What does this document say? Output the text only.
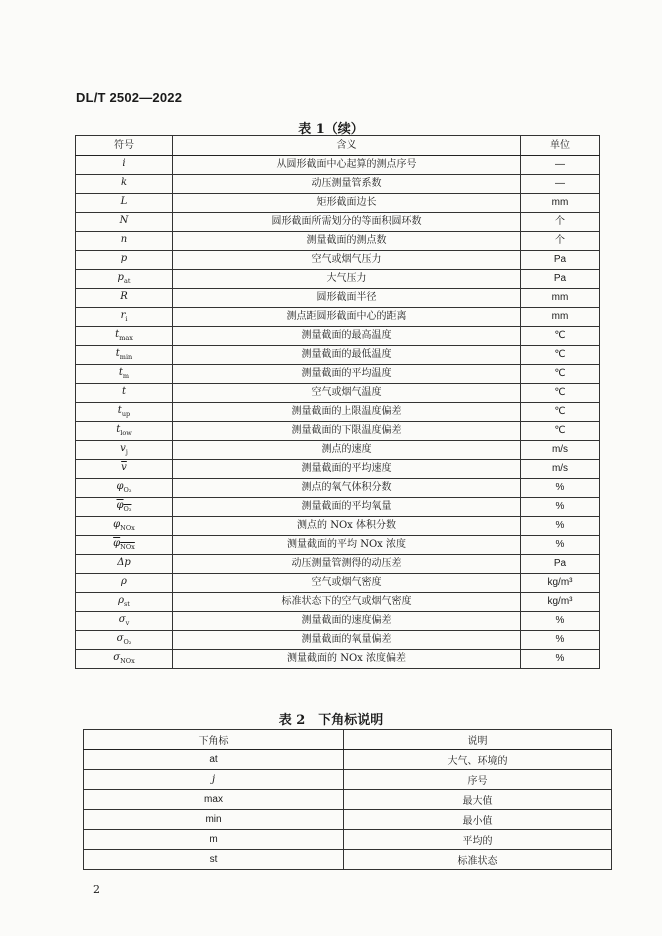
DL/T 2502—2022
表 1（续）
符号	含义	单位
i	从圆形截面中心起算的测点序号	—
k	动压测量管系数	—
L	矩形截面边长	mm
N	圆形截面所需划分的等面积圆环数	个
n	测量截面的测点数	个
p	空气或烟气压力	Pa
$p_{at}$	大气压力	Pa
R	圆形截面半径	mm
$r_i$	测点距圆形截面中心的距离	mm
$t_{max}$	测量截面的最高温度	℃
$t_{min}$	测量截面的最低温度	℃
$t_m$	测量截面的平均温度	℃
t	空气或烟气温度	℃
$t_{up}$	测量截面的上限温度偏差	℃
$t_{low}$	测量截面的下限温度偏差	℃
$v_j$	测点的速度	m/s
v	测量截面的平均速度	m/s
$\varphi_{O_2}$	测点的氧气体积分数	%
$\varphi_{O_2}$	测量截面的平均氧量	%
$\varphi_{NOx}$	测点的 NOx 体积分数	%
$\varphi_{NOx}$	测量截面的平均 NOx 浓度	%
Δp	动压测量管测得的动压差	Pa
ρ	空气或烟气密度	kg/m³
$\rho_{st}$	标准状态下的空气或烟气密度	kg/m³
$\sigma_v$	测量截面的速度偏差	%
$\sigma_{O_2}$	测量截面的氧量偏差	%
$\sigma_{NOx}$	测量截面的 NOx 浓度偏差	%
表 2　下角标说明
下角标	说明
at	大气、环境的
j	序号
max	最大值
min	最小值
m	平均的
st	标准状态
2
